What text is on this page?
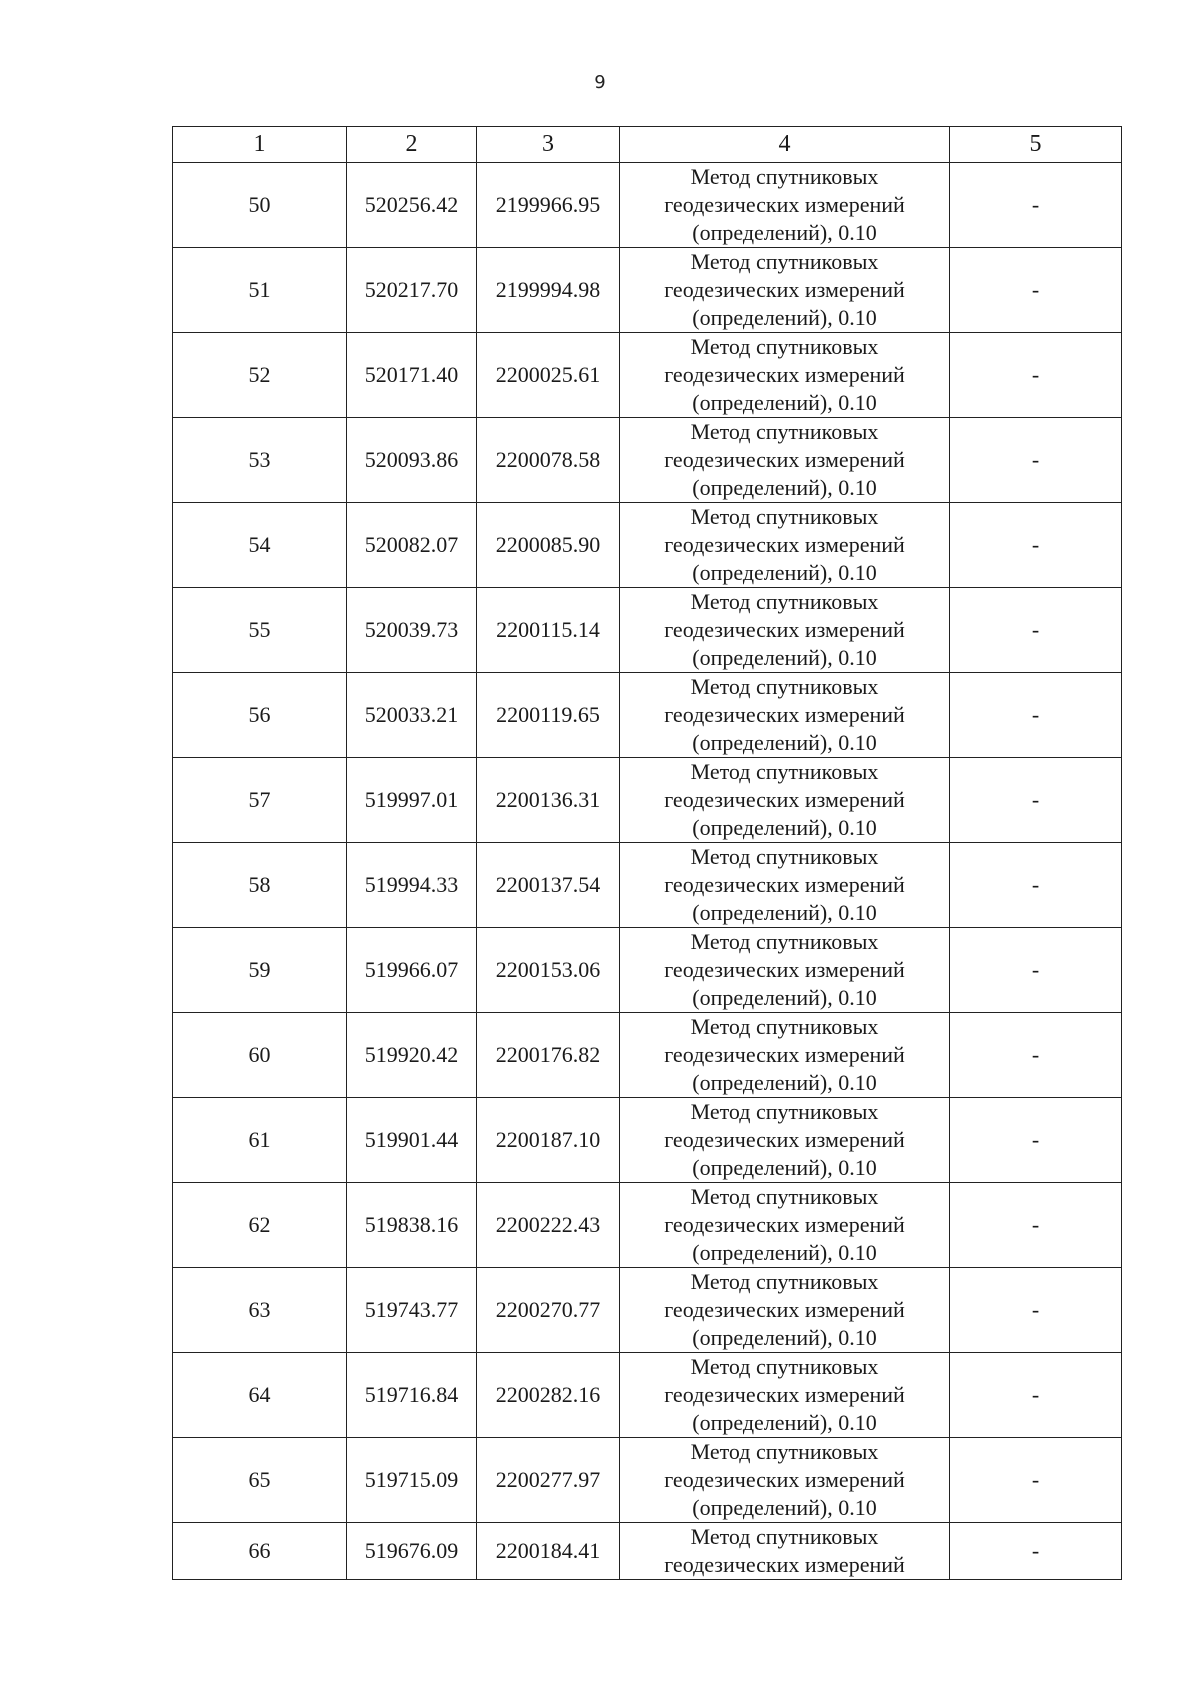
9
1	2	3	4	5
50	520256.42	2199966.95	Метод спутниковых
геодезических измерений
(определений), 0.10	-
51	520217.70	2199994.98	Метод спутниковых
геодезических измерений
(определений), 0.10	-
52	520171.40	2200025.61	Метод спутниковых
геодезических измерений
(определений), 0.10	-
53	520093.86	2200078.58	Метод спутниковых
геодезических измерений
(определений), 0.10	-
54	520082.07	2200085.90	Метод спутниковых
геодезических измерений
(определений), 0.10	-
55	520039.73	2200115.14	Метод спутниковых
геодезических измерений
(определений), 0.10	-
56	520033.21	2200119.65	Метод спутниковых
геодезических измерений
(определений), 0.10	-
57	519997.01	2200136.31	Метод спутниковых
геодезических измерений
(определений), 0.10	-
58	519994.33	2200137.54	Метод спутниковых
геодезических измерений
(определений), 0.10	-
59	519966.07	2200153.06	Метод спутниковых
геодезических измерений
(определений), 0.10	-
60	519920.42	2200176.82	Метод спутниковых
геодезических измерений
(определений), 0.10	-
61	519901.44	2200187.10	Метод спутниковых
геодезических измерений
(определений), 0.10	-
62	519838.16	2200222.43	Метод спутниковых
геодезических измерений
(определений), 0.10	-
63	519743.77	2200270.77	Метод спутниковых
геодезических измерений
(определений), 0.10	-
64	519716.84	2200282.16	Метод спутниковых
геодезических измерений
(определений), 0.10	-
65	519715.09	2200277.97	Метод спутниковых
геодезических измерений
(определений), 0.10	-
66	519676.09	2200184.41	Метод спутниковых
геодезических измерений	-
